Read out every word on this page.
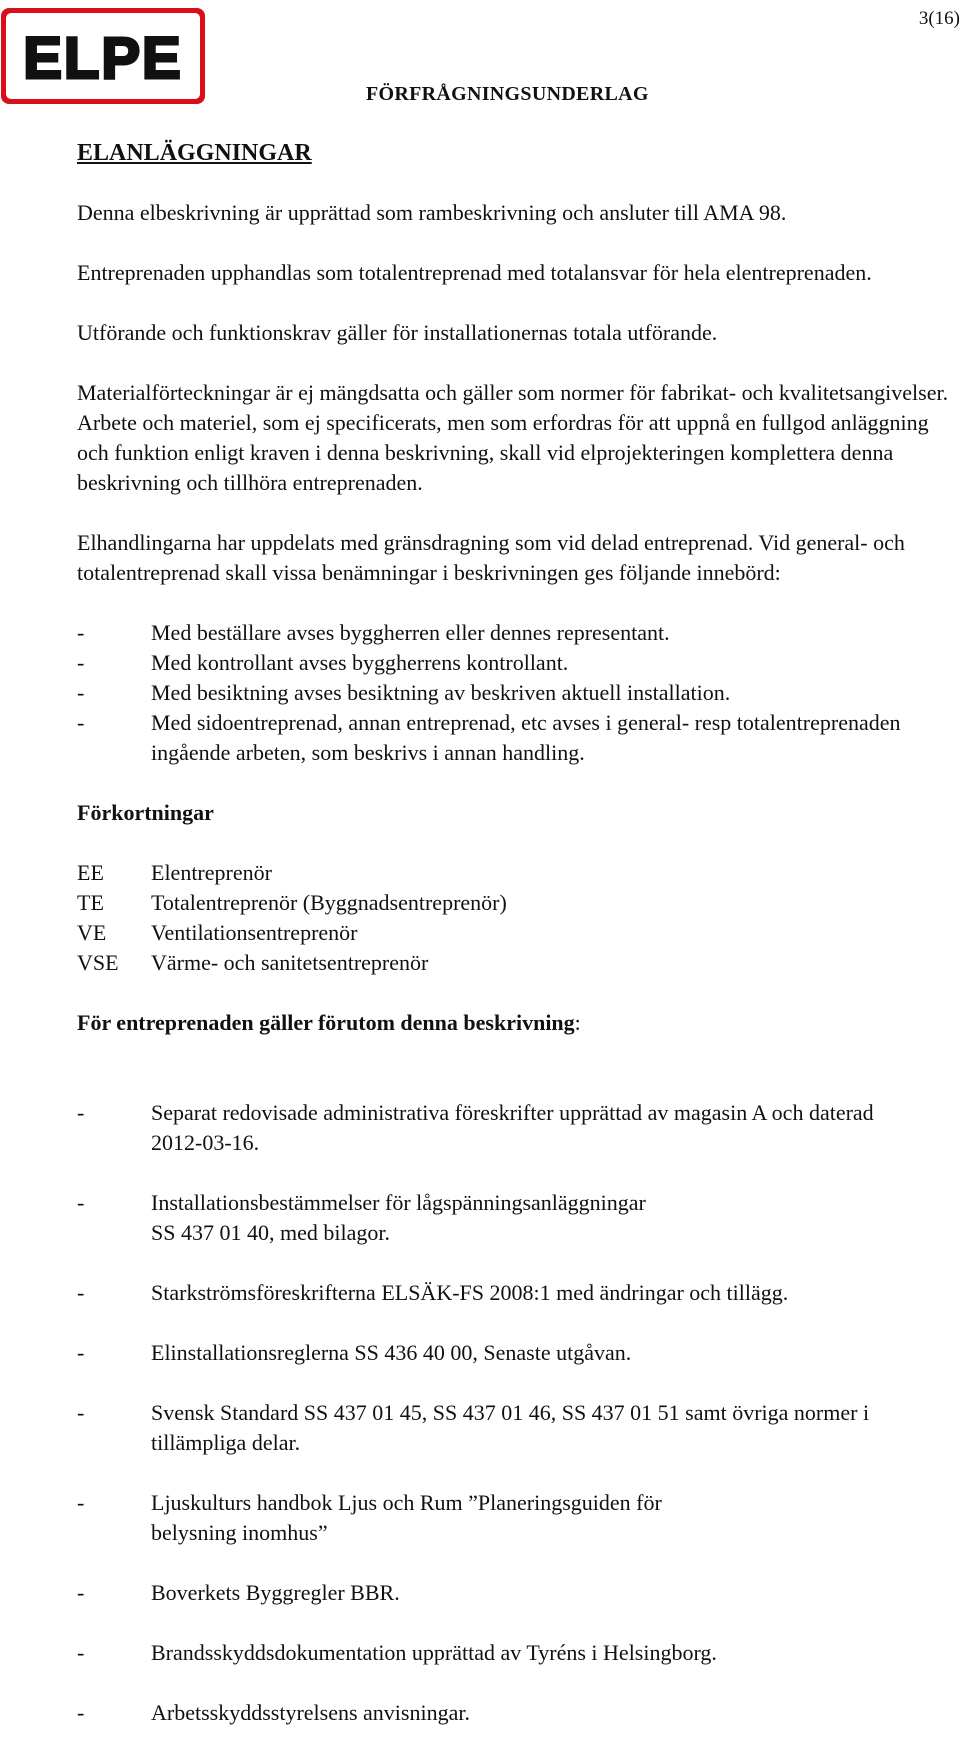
ELPE
3(16)
FÖRFRÅGNINGSUNDERLAG
ELANLÄGGNINGAR

Denna elbeskrivning är upprättad som rambeskrivning och ansluter till AMA 98.

Entreprenaden upphandlas som totalentreprenad med totalansvar för hela elentreprenaden.

Utförande och funktionskrav gäller för installationernas totala utförande.

Materialförteckningar är ej mängdsatta och gäller som normer för fabrikat- och kvalitetsangivelser.

Arbete och materiel, som ej specificerats, men som erfordras för att uppnå en fullgod anläggning och funktion enligt kraven i denna beskrivning, skall vid elprojekteringen komplettera denna beskrivning och tillhöra entreprenaden.

Elhandlingarna har uppdelats med gränsdragning som vid delad entreprenad. Vid general- och totalentreprenad skall vissa benämningar i beskrivningen ges följande innebörd:

-	Med beställare avses byggherren eller dennes representant.
-	Med kontrollant avses byggherrens kontrollant.
-	Med besiktning avses besiktning av beskriven aktuell installation.
-	Med sidoentreprenad, annan entreprenad, etc avses i general- resp totalentreprenaden ingående arbeten, som beskrivs i annan handling.
Förkortningar
EE	Elentreprenör
TE	Totalentreprenör (Byggnadsentreprenör)
VE	Ventilationsentreprenör
VSE	Värme- och sanitetsentreprenör
För entreprenaden gäller förutom denna beskrivning:

-	Separat redovisade administrativa föreskrifter upprättad av magasin A och daterad 2012-03-16.

-	Installationsbestämmelser för lågspänningsanläggningar
SS 437 01 40, med bilagor.

-	Starkströmsföreskrifterna ELSÄK-FS 2008:1 med ändringar och tillägg.

-	Elinstallationsreglerna SS 436 40 00, Senaste utgåvan.

-	Svensk Standard SS 437 01 45, SS 437 01 46, SS 437 01 51 samt övriga normer i tillämpliga delar.

-	Ljuskulturs handbok Ljus och Rum ”Planeringsguiden för
belysning inomhus”

-	Boverkets Byggregler BBR.

-	Brandsskyddsdokumentation upprättad av Tyréns i Helsingborg.

-	Arbetsskyddsstyrelsens anvisningar.
